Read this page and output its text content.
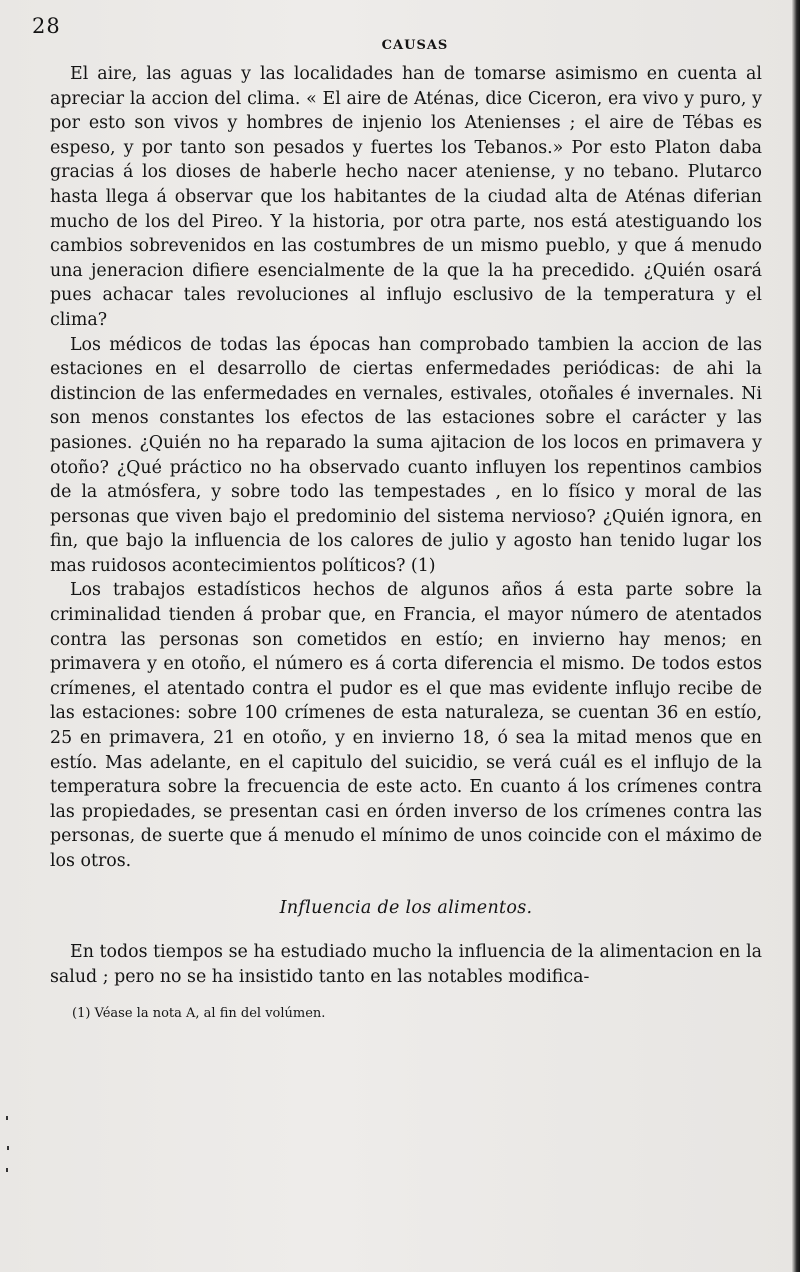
28
CAUSAS

El aire, las aguas y las localidades han de tomarse asimismo en cuenta al apreciar la accion del clima. « El aire de Aténas, dice Ciceron, era vivo y puro, y por esto son vivos y hombres de injenio los Atenienses ; el aire de Tébas es espeso, y por tanto son pesados y fuertes los Tebanos.» Por esto Platon daba gracias á los dioses de haberle hecho nacer ateniense, y no tebano. Plutarco hasta llega á observar que los habitantes de la ciudad alta de Aténas diferian mucho de los del Pireo. Y la historia, por otra parte, nos está atestiguando los cambios sobrevenidos en las costumbres de un mismo pueblo, y que á menudo una jeneracion difiere esencialmente de la que la ha precedido. ¿Quién osará pues achacar tales revoluciones al influjo esclusivo de la temperatura y el clima?

Los médicos de todas las épocas han comprobado tambien la accion de las estaciones en el desarrollo de ciertas enfermedades periódicas: de ahi la distincion de las enfermedades en vernales, estivales, otoñales é invernales. Ni son menos constantes los efectos de las estaciones sobre el carácter y las pasiones. ¿Quién no ha reparado la suma ajitacion de los locos en primavera y otoño? ¿Qué práctico no ha observado cuanto influyen los repentinos cambios de la atmósfera, y sobre todo las tempestades , en lo físico y moral de las personas que viven bajo el predominio del sistema nervioso? ¿Quién ignora, en fin, que bajo la influencia de los calores de julio y agosto han tenido lugar los mas ruidosos acontecimientos políticos? (1)

Los trabajos estadísticos hechos de algunos años á esta parte sobre la criminalidad tienden á probar que, en Francia, el mayor número de atentados contra las personas son cometidos en estío; en invierno hay menos; en primavera y en otoño, el número es á corta diferencia el mismo. De todos estos crímenes, el atentado contra el pudor es el que mas evidente influjo recibe de las estaciones: sobre 100 crímenes de esta naturaleza, se cuentan 36 en estío, 25 en primavera, 21 en otoño, y en invierno 18, ó sea la mitad menos que en estío. Mas adelante, en el capitulo del suicidio, se verá cuál es el influjo de la temperatura sobre la frecuencia de este acto. En cuanto á los crímenes contra las propiedades, se presentan casi en órden inverso de los crímenes contra las personas, de suerte que á menudo el mínimo de unos coincide con el máximo de los otros.

Influencia de los alimentos.

En todos tiempos se ha estudiado mucho la influencia de la alimentacion en la salud ; pero no se ha insistido tanto en las notables modifica-

(1) Véase la nota A, al fin del volúmen.
